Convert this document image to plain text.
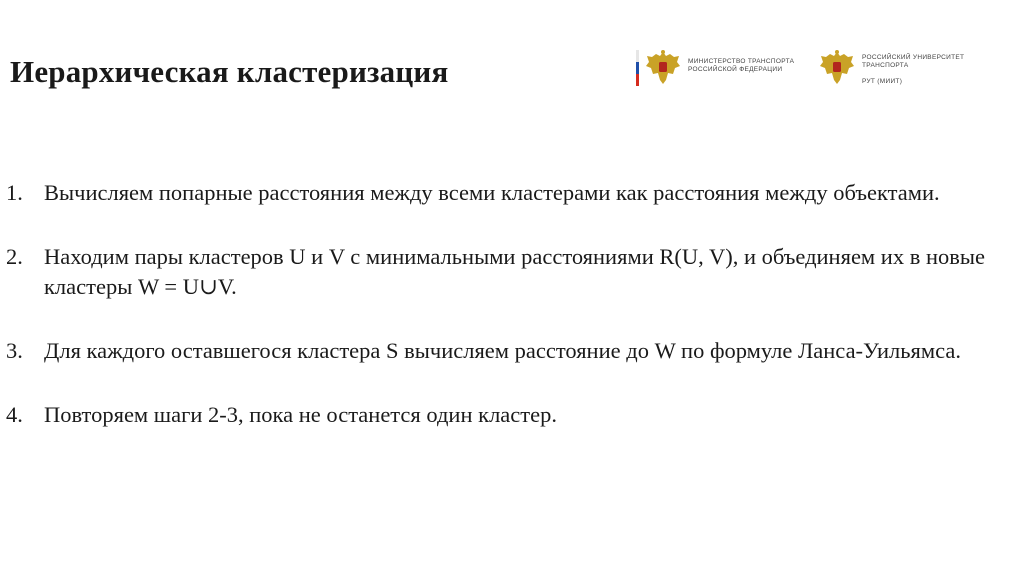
Иерархическая кластеризация	МИНИСТЕРСТВО ТРАНСПОРТА
РОССИЙСКОЙ ФЕДЕРАЦИИ
РОССИЙСКИЙ УНИВЕРСИТЕТ
ТРАНСПОРТА
РУТ (МИИТ)
1. Вычисляем попарные расстояния между всеми кластерами как расстояния между объектами.
2. Находим пары кластеров U и V с минимальными расстояниями R(U, V), и объединяем их в новые кластеры W = U∪V.
3. Для каждого оставшегося кластера S вычисляем расстояние до W по формуле Ланса-Уильямса.
4. Повторяем шаги 2-3, пока не останется один кластер.
